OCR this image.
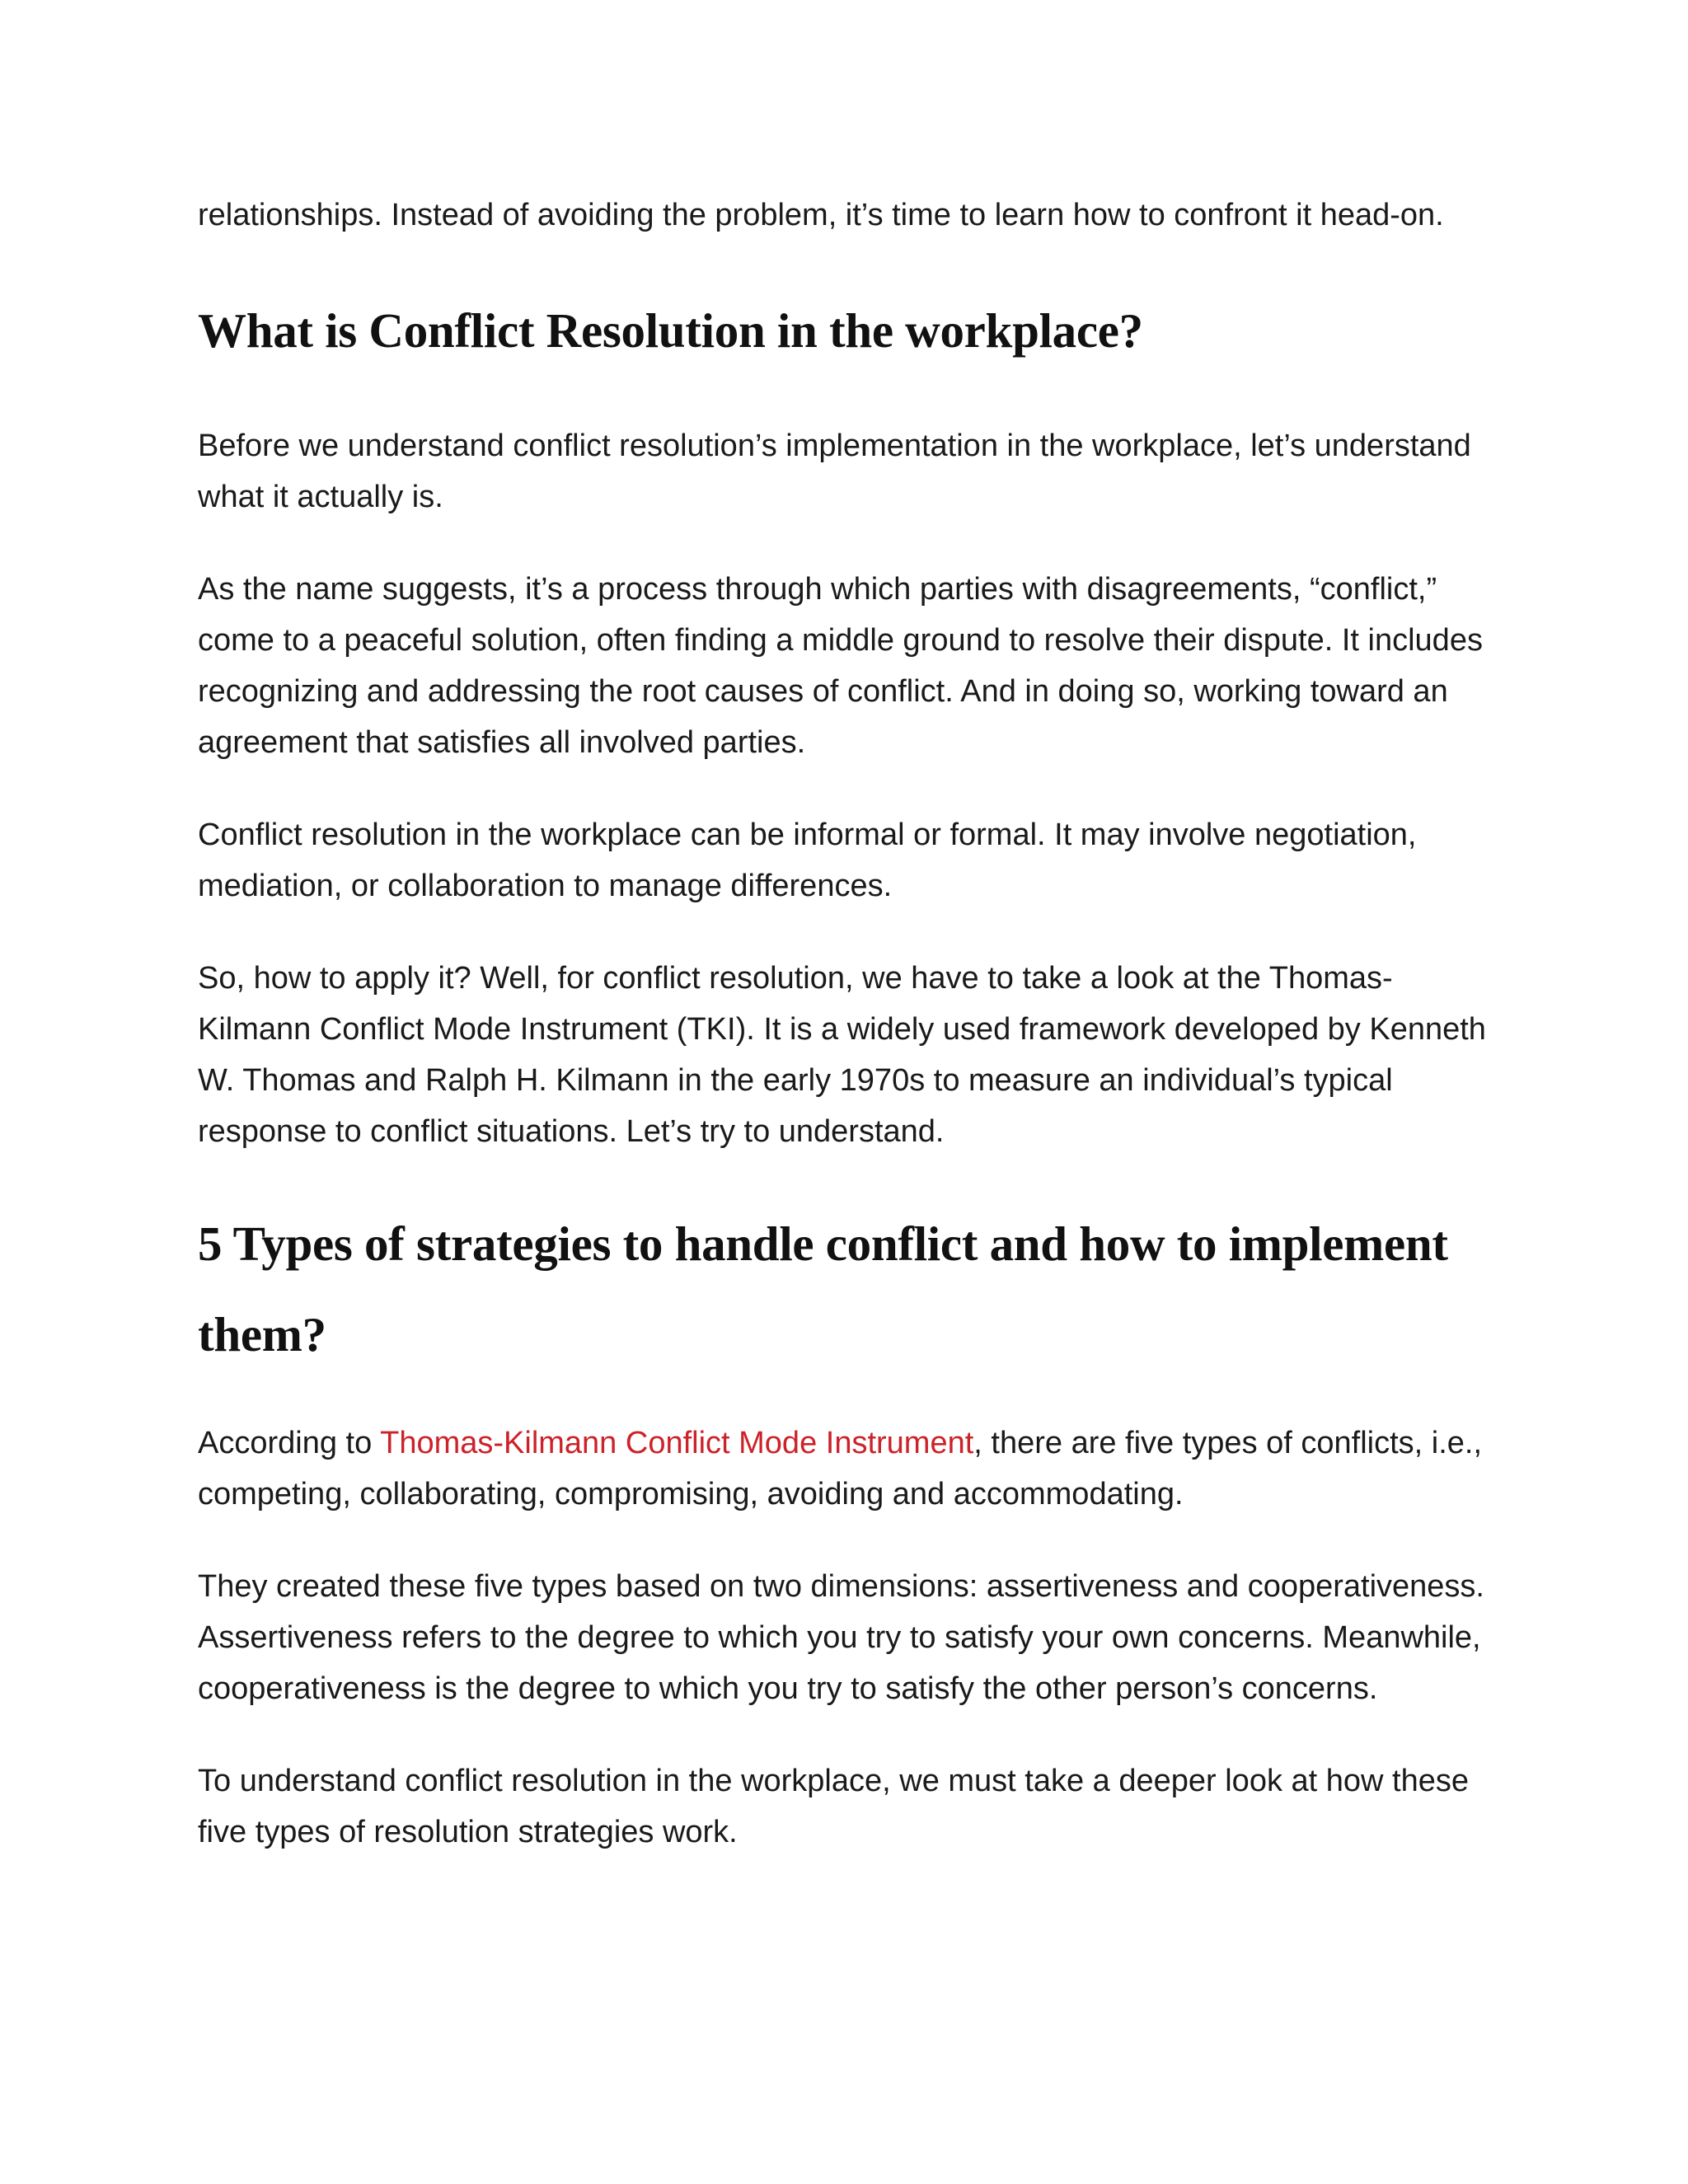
relationships. Instead of avoiding the problem, it’s time to learn how to confront it head-on.

What is Conflict Resolution in the workplace?

Before we understand conflict resolution’s implementation in the workplace, let’s understand what it actually is.

As the name suggests, it’s a process through which parties with disagreements, “conflict,” come to a peaceful solution, often finding a middle ground to resolve their dispute. It includes recognizing and addressing the root causes of conflict. And in doing so, working toward an agreement that satisfies all involved parties.

Conflict resolution in the workplace can be informal or formal. It may involve negotiation, mediation, or collaboration to manage differences.

So, how to apply it? Well, for conflict resolution, we have to take a look at the Thomas-Kilmann Conflict Mode Instrument (TKI). It is a widely used framework developed by Kenneth W. Thomas and Ralph H. Kilmann in the early 1970s to measure an individual’s typical response to conflict situations. Let’s try to understand.

5 Types of strategies to handle conflict and how to implement them?

According to Thomas-Kilmann Conflict Mode Instrument, there are five types of conflicts, i.e., competing, collaborating, compromising, avoiding and accommodating.

They created these five types based on two dimensions: assertiveness and cooperativeness. Assertiveness refers to the degree to which you try to satisfy your own concerns. Meanwhile, cooperativeness is the degree to which you try to satisfy the other person’s concerns.

To understand conflict resolution in the workplace, we must take a deeper look at how these five types of resolution strategies work.
